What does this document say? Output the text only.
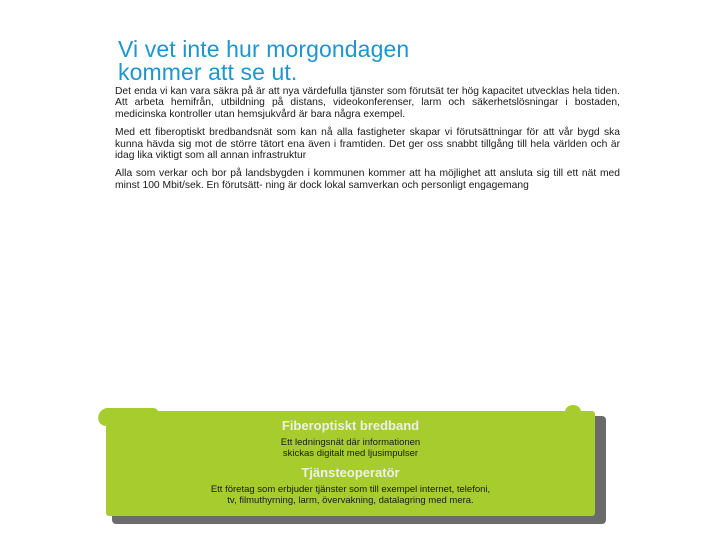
Vi vet inte hur morgondagen
kommer att se ut.

Det enda vi kan vara säkra på är att nya värdefulla tjänster som förutsät ter hög kapacitet utvecklas hela tiden. Att arbeta hemifrån, utbildning på distans, videokonferenser, larm och säkerhetslösningar i bostaden, medicinska kontroller utan hemsjukvård är bara några exempel.

Med ett fiberoptiskt bredbandsnät som kan nå alla fastigheter skapar vi förutsättningar för att vår bygd ska kunna hävda sig mot de större tätort ena även i framtiden. Det ger oss snabbt tillgång till hela världen och är idag lika viktigt som all annan infrastruktur

Alla som verkar och bor på landsbygden i kommunen kommer att ha möjlighet att ansluta sig till ett nät med minst 100 Mbit/sek. En förutsätt- ning är dock lokal samverkan och personligt engagemang

Fiberoptiskt bredband
Ett ledningsnät där informationen
skickas digitalt med ljusimpulser
Tjänsteoperatör
Ett företag som erbjuder tjänster som till exempel internet, telefoni,
tv, filmuthyrning, larm, övervakning, datalagring med mera.
